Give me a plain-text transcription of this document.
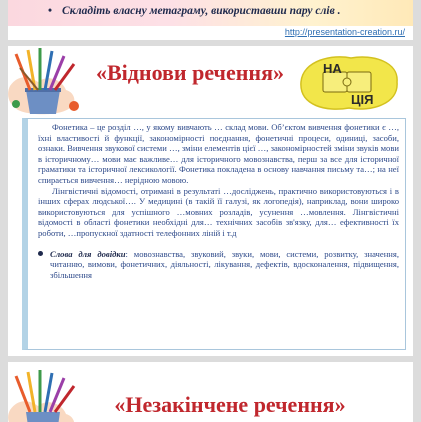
• Складіть власну метаграму, використавши пару слів .
http://presentation-creation.ru/
«Віднови речення»	НА
ЦІЯ

Фонетика – це розділ …, у якому вивчають … склад мови. Об’єктом вивчення фонетики є …, їхні властивості й функції, закономірності поєднання, фонетичні процеси, одиниці, засоби, ознаки. Вивчення звукової системи …, зміни елементів цієї …, закономірностей зміни звуків мови в історичному… мови має важливе… для історичного мовознавства, перш за все для історичної граматики та історичної лексикології. Фонетика покладена в основу навчання письму та…; на неї спирається вивчення… нерідною мовою.

Лінгвістичні відомості, отримані в результаті …досліджень, практично використовуються і в інших сферах людської…. У медицині (в такій її галузі, як логопедія), наприклад, вони широко використовуються для успішного …мовних розладів, усунення …мовлення. Лінгвістичні відомості в області фонетики необхідні для… технічних засобів зв'язку, для… ефективності їх роботи, …пропускної здатності телефонних ліній і т.д

Слова для довідки: мовознавства, звуковий, звуки, мови, системи, розвитку, значення, читанню, вимови, фонетичних, діяльності, лікування, дефектів, вдосконалення, підвищення, збільшення
«Незакінчене речення»
